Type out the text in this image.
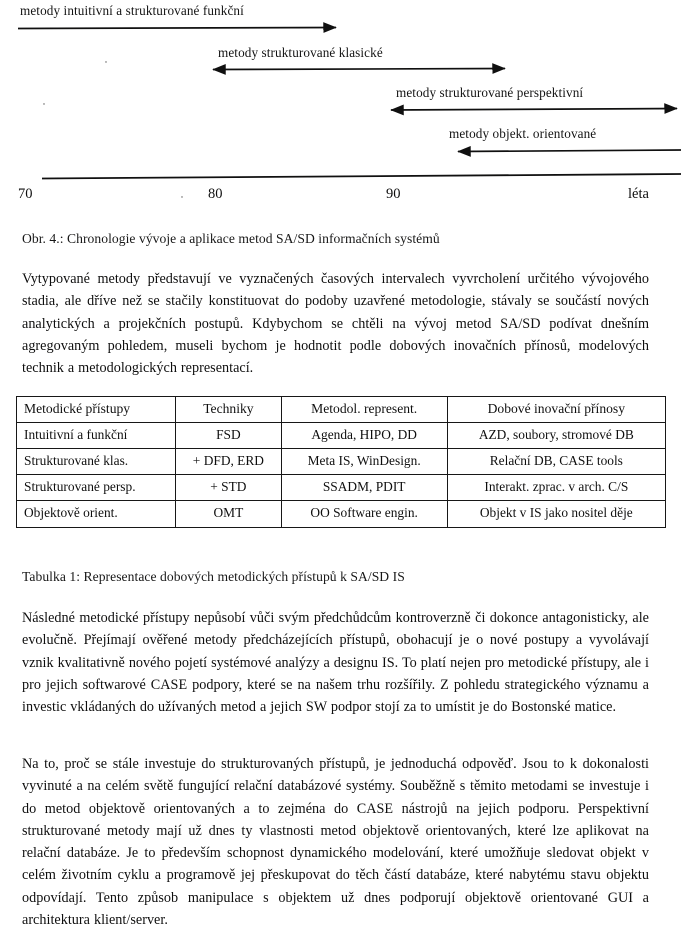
metody intuitivní a strukturované funkční
metody strukturované klasické
metody strukturované perspektivní
metody objekt. orientované
70	80	90	léta
Obr. 4.: Chronologie vývoje a aplikace metod SA/SD informačních systémů

Vytypované metody představují ve vyznačených časových intervalech vyvrcholení určitého vývojového stadia, ale dříve než se stačily konstituovat do podoby uzavřené metodologie, stávaly se součástí nových analytických a projekčních postupů. Kdybychom se chtěli na vývoj metod SA/SD podívat dnešním agregovaným pohledem, museli bychom je hodnotit podle dobových inovačních přínosů, modelových technik a metodologických representací.

Metodické přístupy	Techniky	Metodol. represent.	Dobové inovační přínosy
Intuitivní a funkční	FSD	Agenda, HIPO, DD	AZD, soubory, stromové DB
Strukturované klas.	+ DFD, ERD	Meta IS, WinDesign.	Relační DB, CASE tools
Strukturované persp.	+ STD	SSADM, PDIT	Interakt. zprac. v arch. C/S
Objektově orient.	OMT	OO Software engin.	Objekt v IS jako nositel děje
Tabulka 1: Representace dobových metodických přístupů k SA/SD IS

Následné metodické přístupy nepůsobí vůči svým předchůdcům kontroverzně či dokonce antagonisticky, ale evolučně. Přejímají ověřené metody předcházejících přístupů, obohacují je o nové postupy a vyvolávají vznik kvalitativně nového pojetí systémové analýzy a designu IS. To platí nejen pro metodické přístupy, ale i pro jejich softwarové CASE podpory, které se na našem trhu rozšířily. Z pohledu strategického významu a investic vkládaných do užívaných metod a jejich SW podpor stojí za to umístit je do Bostonské matice.

Na to, proč se stále investuje do strukturovaných přístupů, je jednoduchá odpověď. Jsou to k dokonalosti vyvinuté a na celém světě fungující relační databázové systémy. Souběžně s těmito metodami se investuje i do metod objektově orientovaných a to zejména do CASE nástrojů na jejich podporu. Perspektivní strukturované metody mají už dnes ty vlastnosti metod objektově orientovaných, které lze aplikovat na relační databáze. Je to především schopnost dynamického modelování, které umožňuje sledovat objekt v celém životním cyklu a programově jej přeskupovat do těch částí databáze, které nabytému stavu objektu odpovídají. Tento způsob manipulace s objektem už dnes podporují objektově orientované GUI a architektura klient/server.
